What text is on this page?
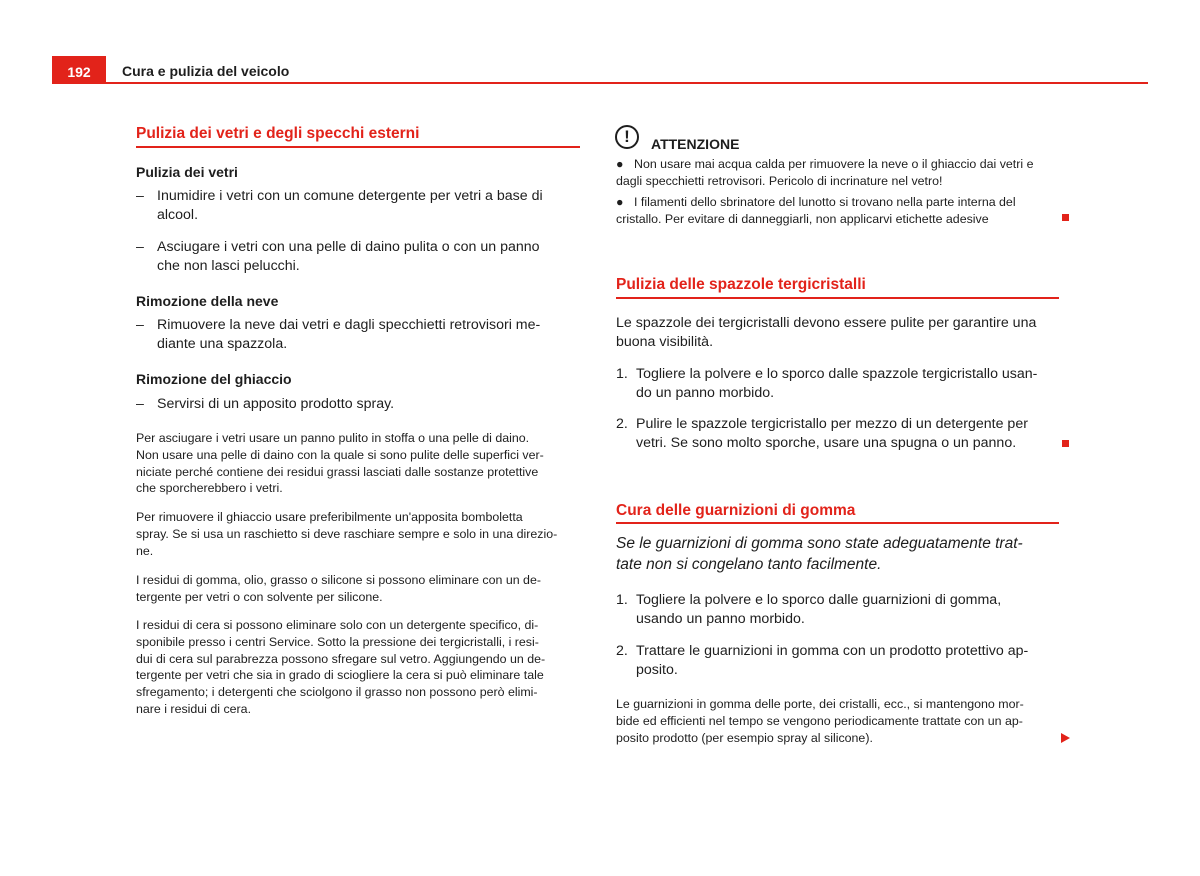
192	Cura e pulizia del veicolo
Pulizia dei vetri e degli specchi esterni
Pulizia dei vetri
– Inumidire i vetri con un comune detergente per vetri a base di
alcool.
– Asciugare i vetri con una pelle di daino pulita o con un panno
che non lasci pelucchi.
Rimozione della neve
– Rimuovere la neve dai vetri e dagli specchietti retrovisori me-
diante una spazzola.
Rimozione del ghiaccio
– Servirsi di un apposito prodotto spray.
Per asciugare i vetri usare un panno pulito in stoffa o una pelle di daino.
Non usare una pelle di daino con la quale si sono pulite delle superfici ver-
niciate perché contiene dei residui grassi lasciati dalle sostanze protettive
che sporcherebbero i vetri.
Per rimuovere il ghiaccio usare preferibilmente un'apposita bomboletta
spray. Se si usa un raschietto si deve raschiare sempre e solo in una direzio-
ne.
I residui di gomma, olio, grasso o silicone si possono eliminare con un de-
tergente per vetri o con solvente per silicone.
I residui di cera si possono eliminare solo con un detergente specifico, di-
sponibile presso i centri Service. Sotto la pressione dei tergicristalli, i resi-
dui di cera sul parabrezza possono sfregare sul vetro. Aggiungendo un de-
tergente per vetri che sia in grado di sciogliere la cera si può eliminare tale
sfregamento; i detergenti che sciolgono il grasso non possono però elimi-
nare i residui di cera.
!	ATTENZIONE
● Non usare mai acqua calda per rimuovere la neve o il ghiaccio dai vetri e
dagli specchietti retrovisori. Pericolo di incrinature nel vetro!
● I filamenti dello sbrinatore del lunotto si trovano nella parte interna del
cristallo. Per evitare di danneggiarli, non applicarvi etichette adesive
Pulizia delle spazzole tergicristalli
Le spazzole dei tergicristalli devono essere pulite per garantire una
buona visibilità.
1. Togliere la polvere e lo sporco dalle spazzole tergicristallo usan-
do un panno morbido.
2. Pulire le spazzole tergicristallo per mezzo di un detergente per
vetri. Se sono molto sporche, usare una spugna o un panno.
Cura delle guarnizioni di gomma
Se le guarnizioni di gomma sono state adeguatamente trat-
tate non si congelano tanto facilmente.
1. Togliere la polvere e lo sporco dalle guarnizioni di gomma,
usando un panno morbido.
2. Trattare le guarnizioni in gomma con un prodotto protettivo ap-
posito.
Le guarnizioni in gomma delle porte, dei cristalli, ecc., si mantengono mor-
bide ed efficienti nel tempo se vengono periodicamente trattate con un ap-
posito prodotto (per esempio spray al silicone).
